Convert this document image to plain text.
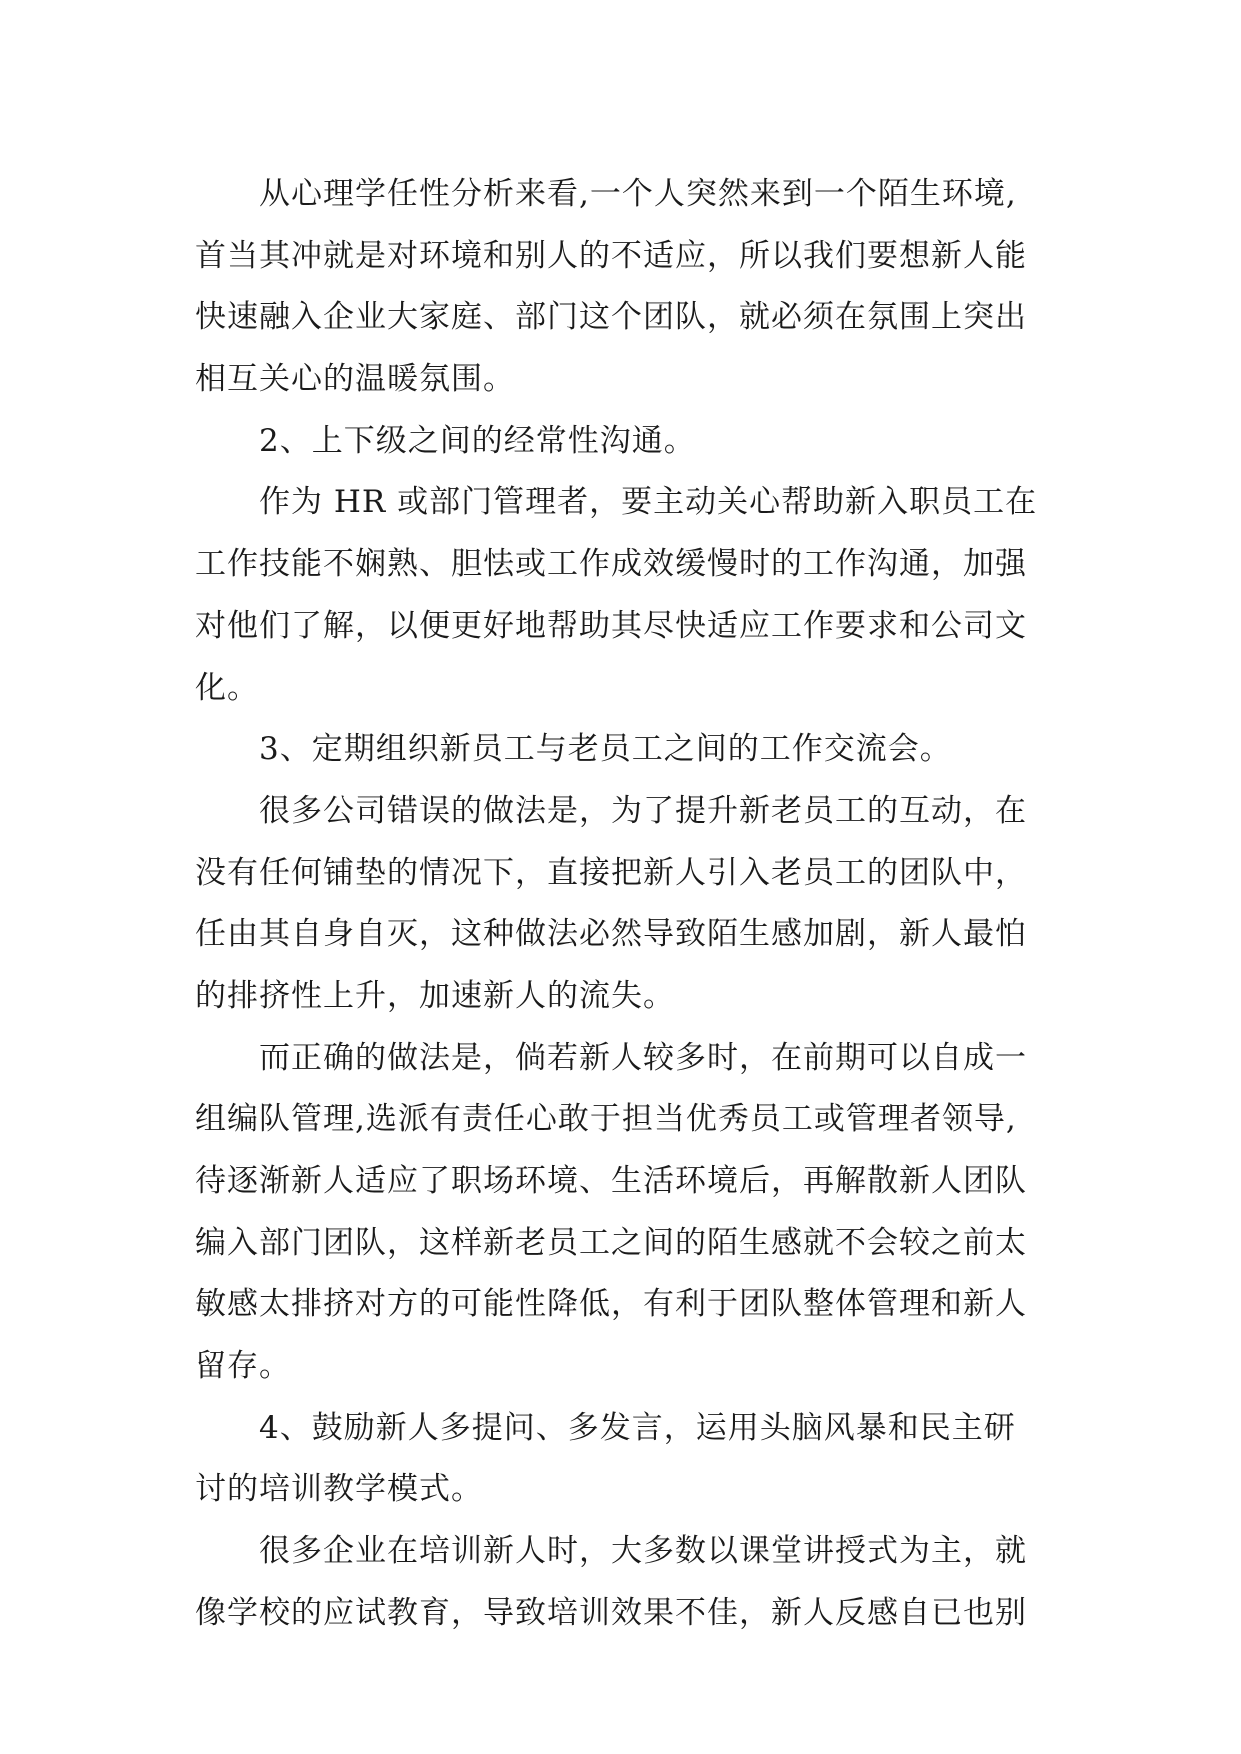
从心理学任性分析来看,一个人突然来到一个陌生环境,
首当其冲就是对环境和别人的不适应，所以我们要想新人能
快速融入企业大家庭、部门这个团队，就必须在氛围上突出
相互关心的温暖氛围。
2、上下级之间的经常性沟通。
作为 HR 或部门管理者，要主动关心帮助新入职员工在
工作技能不娴熟、胆怯或工作成效缓慢时的工作沟通，加强
对他们了解，以便更好地帮助其尽快适应工作要求和公司文
化。
3、定期组织新员工与老员工之间的工作交流会。
很多公司错误的做法是，为了提升新老员工的互动，在
没有任何铺垫的情况下，直接把新人引入老员工的团队中，
任由其自身自灭，这种做法必然导致陌生感加剧，新人最怕
的排挤性上升，加速新人的流失。
而正确的做法是，倘若新人较多时，在前期可以自成一
组编队管理,选派有责任心敢于担当优秀员工或管理者领导,
待逐渐新人适应了职场环境、生活环境后，再解散新人团队
编入部门团队，这样新老员工之间的陌生感就不会较之前太
敏感太排挤对方的可能性降低，有利于团队整体管理和新人
留存。
4、鼓励新人多提问、多发言，运用头脑风暴和民主研
讨的培训教学模式。
很多企业在培训新人时，大多数以课堂讲授式为主，就
像学校的应试教育，导致培训效果不佳，新人反感自已也别
